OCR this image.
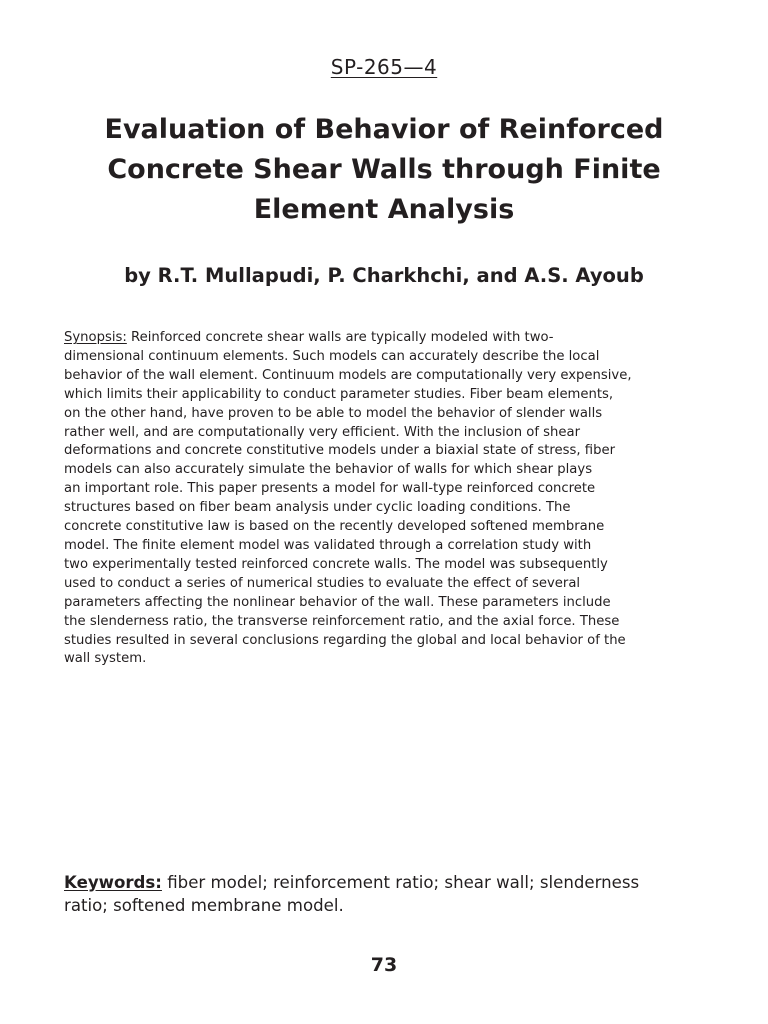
SP-265—4
Evaluation of Behavior of Reinforced
Concrete Shear Walls through Finite
Element Analysis
by R.T. Mullapudi, P. Charkhchi, and A.S. Ayoub

Synopsis: Reinforced concrete shear walls are typically modeled with two-
dimensional continuum elements. Such models can accurately describe the local
behavior of the wall element. Continuum models are computationally very expensive,
which limits their applicability to conduct parameter studies. Fiber beam elements,
on the other hand, have proven to be able to model the behavior of slender walls
rather well, and are computationally very efficient. With the inclusion of shear
deformations and concrete constitutive models under a biaxial state of stress, fiber
models can also accurately simulate the behavior of walls for which shear plays
an important role. This paper presents a model for wall-type reinforced concrete
structures based on fiber beam analysis under cyclic loading conditions. The
concrete constitutive law is based on the recently developed softened membrane
model. The finite element model was validated through a correlation study with
two experimentally tested reinforced concrete walls. The model was subsequently
used to conduct a series of numerical studies to evaluate the effect of several
parameters affecting the nonlinear behavior of the wall. These parameters include
the slenderness ratio, the transverse reinforcement ratio, and the axial force. These
studies resulted in several conclusions regarding the global and local behavior of the
wall system.

Keywords: fiber model; reinforcement ratio; shear wall; slenderness
ratio; softened membrane model.

73
